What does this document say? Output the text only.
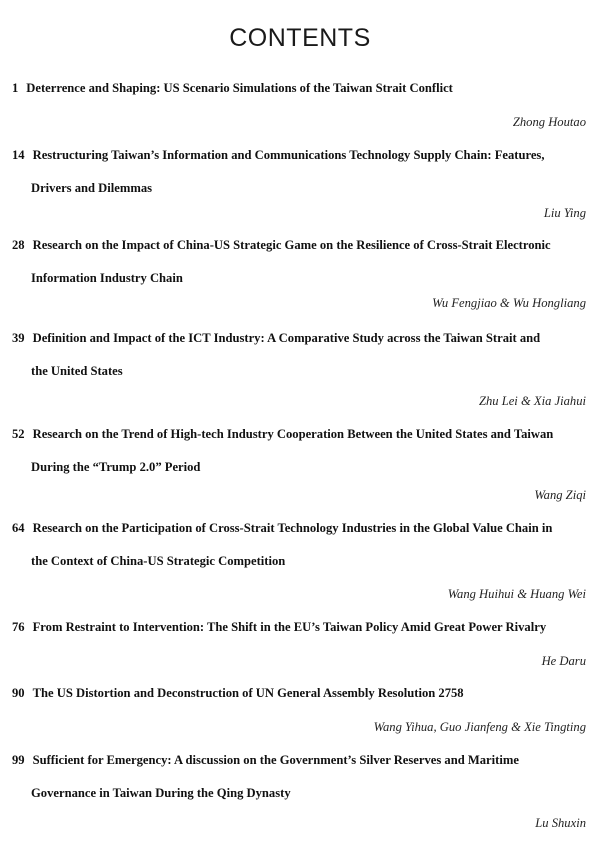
CONTENTS
1 Deterrence and Shaping: US Scenario Simulations of the Taiwan Strait Conflict
Zhong Houtao
14 Restructuring Taiwan’s Information and Communications Technology Supply Chain: Features,
Drivers and Dilemmas
Liu Ying
28 Research on the Impact of China-US Strategic Game on the Resilience of Cross-Strait Electronic
Information Industry Chain
Wu Fengjiao & Wu Hongliang
39 Definition and Impact of the ICT Industry: A Comparative Study across the Taiwan Strait and
the United States
Zhu Lei & Xia Jiahui
52 Research on the Trend of High-tech Industry Cooperation Between the United States and Taiwan
During the “Trump 2.0” Period
Wang Ziqi
64 Research on the Participation of Cross-Strait Technology Industries in the Global Value Chain in
the Context of China-US Strategic Competition
Wang Huihui & Huang Wei
76 From Restraint to Intervention: The Shift in the EU’s Taiwan Policy Amid Great Power Rivalry
He Daru
90 The US Distortion and Deconstruction of UN General Assembly Resolution 2758
Wang Yihua, Guo Jianfeng & Xie Tingting
99 Sufficient for Emergency: A discussion on the Government’s Silver Reserves and Maritime
Governance in Taiwan During the Qing Dynasty
Lu Shuxin
